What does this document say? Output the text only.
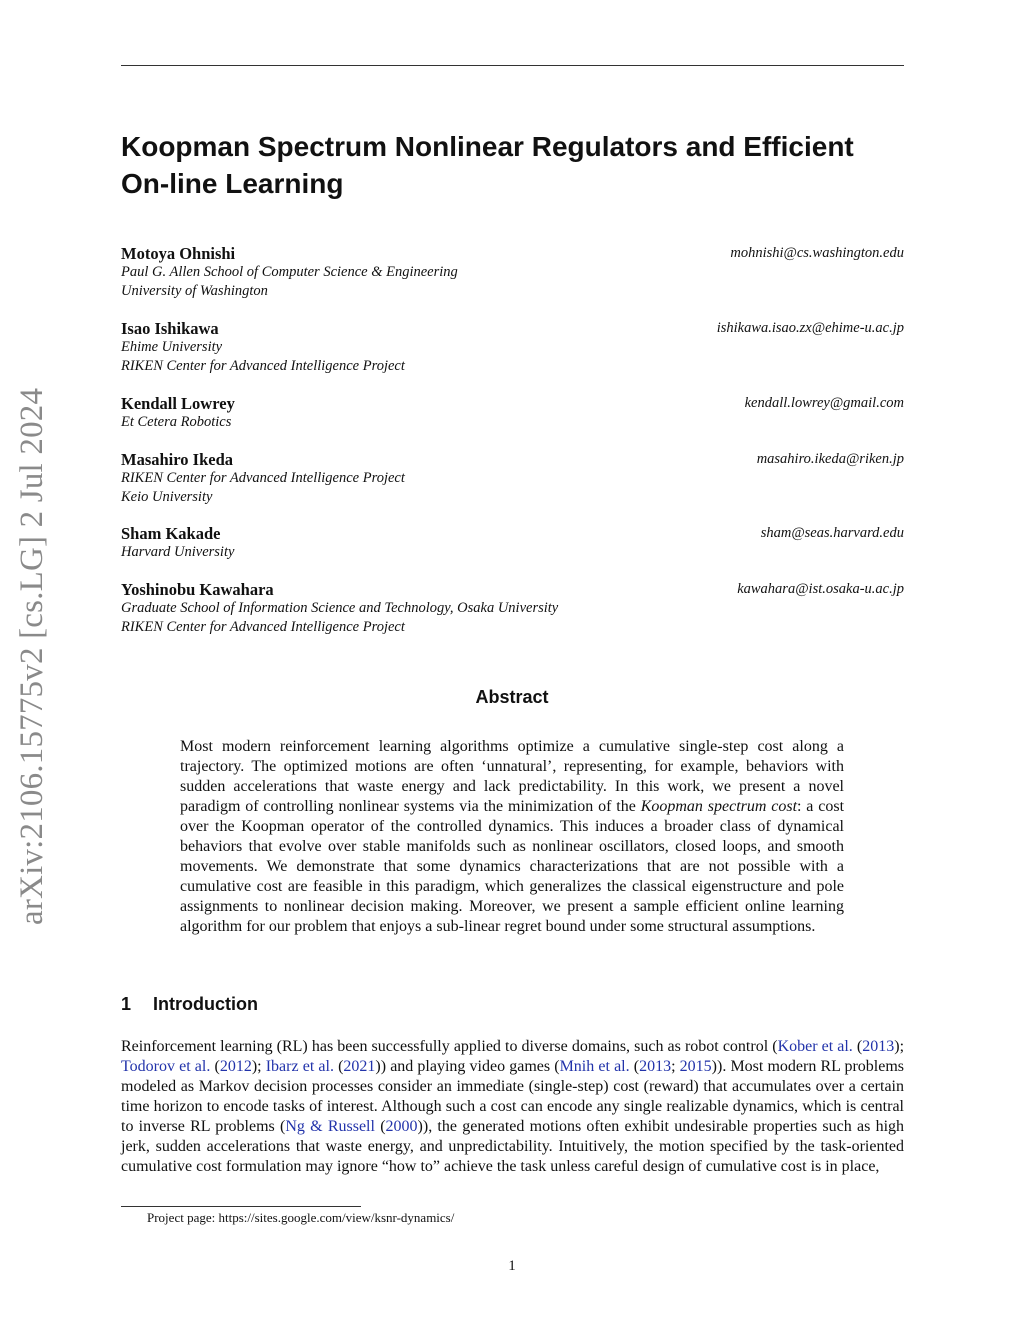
arXiv:2106.15775v2 [cs.LG] 2 Jul 2024
Koopman Spectrum Nonlinear Regulators and Efficient On-line Learning
Motoya Ohnishi	mohnishi@cs.washington.edu
Paul G. Allen School of Computer Science & Engineering
University of Washington
Isao Ishikawa	ishikawa.isao.zx@ehime-u.ac.jp
Ehime University
RIKEN Center for Advanced Intelligence Project
Kendall Lowrey	kendall.lowrey@gmail.com
Et Cetera Robotics
Masahiro Ikeda	masahiro.ikeda@riken.jp
RIKEN Center for Advanced Intelligence Project
Keio University
Sham Kakade	sham@seas.harvard.edu
Harvard University
Yoshinobu Kawahara	kawahara@ist.osaka-u.ac.jp
Graduate School of Information Science and Technology, Osaka University
RIKEN Center for Advanced Intelligence Project
Abstract

Most modern reinforcement learning algorithms optimize a cumulative single-step cost along a trajectory. The optimized motions are often ‘unnatural’, representing, for example, behaviors with sudden accelerations that waste energy and lack predictability. In this work, we present a novel paradigm of controlling nonlinear systems via the minimization of the Koopman spectrum cost: a cost over the Koopman operator of the controlled dynamics. This induces a broader class of dynamical behaviors that evolve over stable manifolds such as nonlinear oscillators, closed loops, and smooth movements. We demonstrate that some dynamics characterizations that are not possible with a cumulative cost are feasible in this paradigm, which generalizes the classical eigenstructure and pole assignments to nonlinear decision making. Moreover, we present a sample efficient online learning algorithm for our problem that enjoys a sub-linear regret bound under some structural assumptions.

1 Introduction

Reinforcement learning (RL) has been successfully applied to diverse domains, such as robot control (Kober et al. (2013); Todorov et al. (2012); Ibarz et al. (2021)) and playing video games (Mnih et al. (2013; 2015)). Most modern RL problems modeled as Markov decision processes consider an immediate (single-step) cost (reward) that accumulates over a certain time horizon to encode tasks of interest. Although such a cost can encode any single realizable dynamics, which is central to inverse RL problems (Ng & Russell (2000)), the generated motions often exhibit undesirable properties such as high jerk, sudden accelerations that waste energy, and unpredictability. Intuitively, the motion specified by the task-oriented cumulative cost formulation may ignore “how to” achieve the task unless careful design of cumulative cost is in place,

Project page: https://sites.google.com/view/ksnr-dynamics/
1
